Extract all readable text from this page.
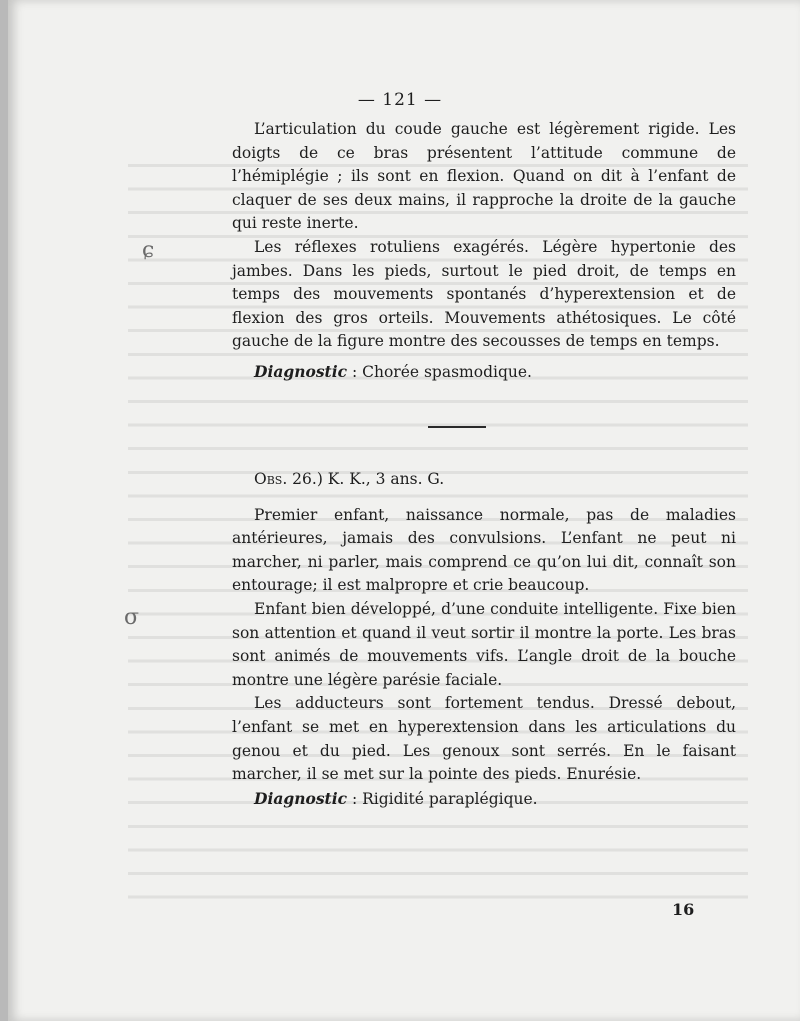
ɕ
σ
— 121 —

L’articulation du coude gauche est légèrement rigide. Les doigts de ce bras présentent l’attitude commune de l’hémiplégie ; ils sont en flexion. Quand on dit à l’enfant de claquer de ses deux mains, il rapproche la droite de la gauche qui reste inerte.

Les réflexes rotuliens exagérés. Légère hypertonie des jambes. Dans les pieds, surtout le pied droit, de temps en temps des mouvements spontanés d’hyperextension et de flexion des gros orteils. Mouvements athétosiques. Le côté gauche de la figure montre des secousses de temps en temps.

Diagnostic : Chorée spasmodique.

Obs. 26.) K. K., 3 ans. G.

Premier enfant, naissance normale, pas de maladies antérieures, jamais des convulsions. L’enfant ne peut ni marcher, ni parler, mais comprend ce qu’on lui dit, connaît son entourage; il est malpropre et crie beaucoup.

Enfant bien développé, d’une conduite intelligente. Fixe bien son attention et quand il veut sortir il montre la porte. Les bras sont animés de mouvements vifs. L’angle droit de la bouche montre une légère parésie faciale.

Les adducteurs sont fortement tendus. Dressé debout, l’enfant se met en hyperextension dans les articulations du genou et du pied. Les genoux sont serrés. En le faisant marcher, il se met sur la pointe des pieds. Enurésie.

Diagnostic : Rigidité paraplégique.

16
